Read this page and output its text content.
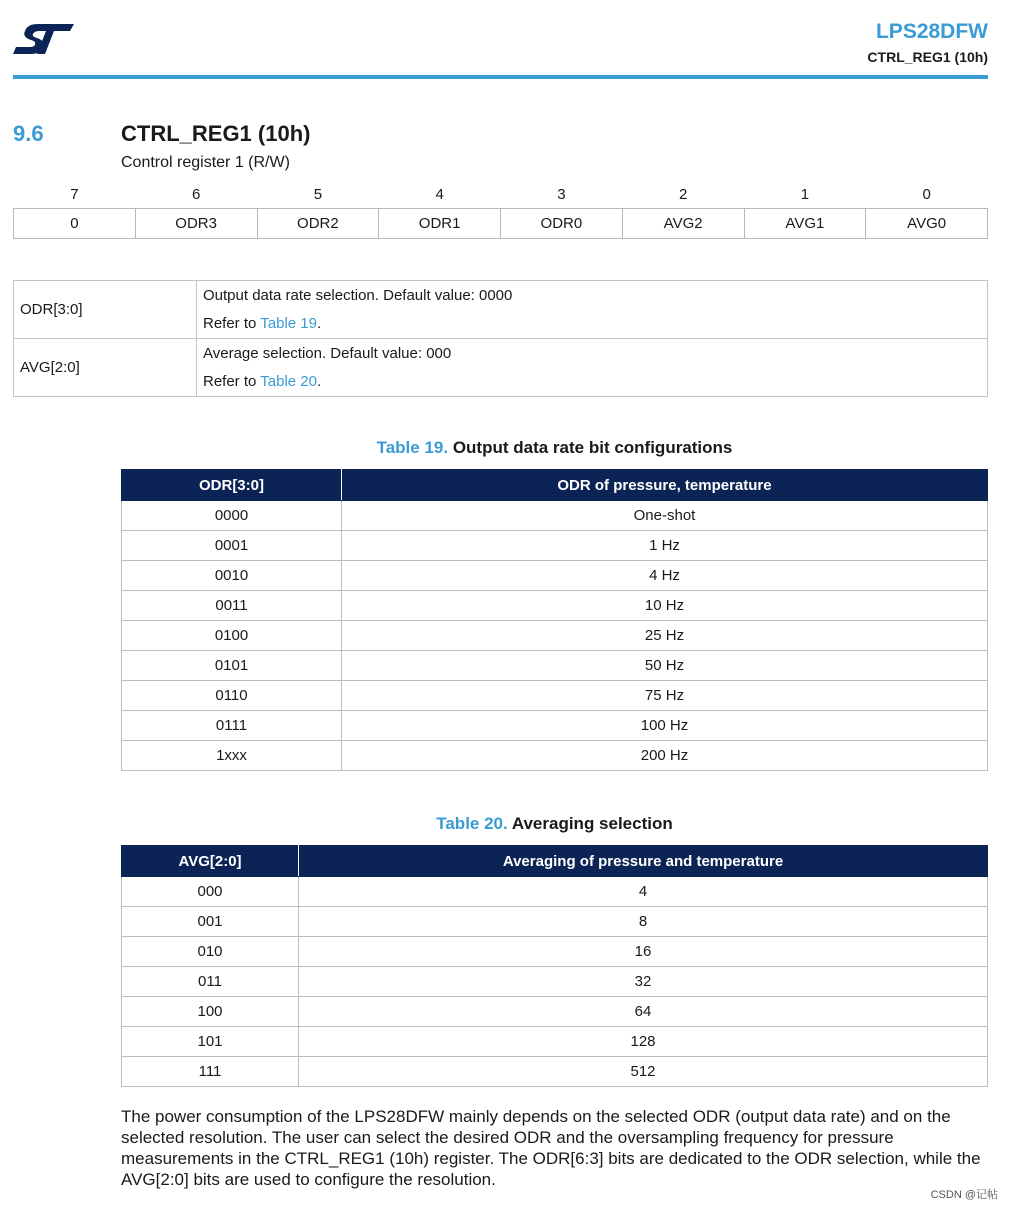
LPS28DFW
CTRL_REG1 (10h)
9.6	CTRL_REG1 (10h)
Control register 1 (R/W)
7	6	5	4	3	2	1	0
0	ODR3	ODR2	ODR1	ODR0	AVG2	AVG1	AVG0
ODR[3:0]	Output data rate selection. Default value: 0000
Refer to Table 19.

AVG[2:0]	Average selection. Default value: 000
Refer to Table 20.
Table 19. Output data rate bit configurations
ODR[3:0]	ODR of pressure, temperature
0000	One-shot
0001	1 Hz
0010	4 Hz
0011	10 Hz
0100	25 Hz
0101	50 Hz
0110	75 Hz
0111	100 Hz
1xxx	200 Hz
Table 20. Averaging selection
AVG[2:0]	Averaging of pressure and temperature
000	4
001	8
010	16
011	32
100	64
101	128
111	512

The power consumption of the LPS28DFW mainly depends on the selected ODR (output data rate) and on the selected resolution. The user can select the desired ODR and the oversampling frequency for pressure measurements in the CTRL_REG1 (10h) register. The ODR[6:3] bits are dedicated to the ODR selection, while the AVG[2:0] bits are used to configure the resolution.

CSDN @记帖
